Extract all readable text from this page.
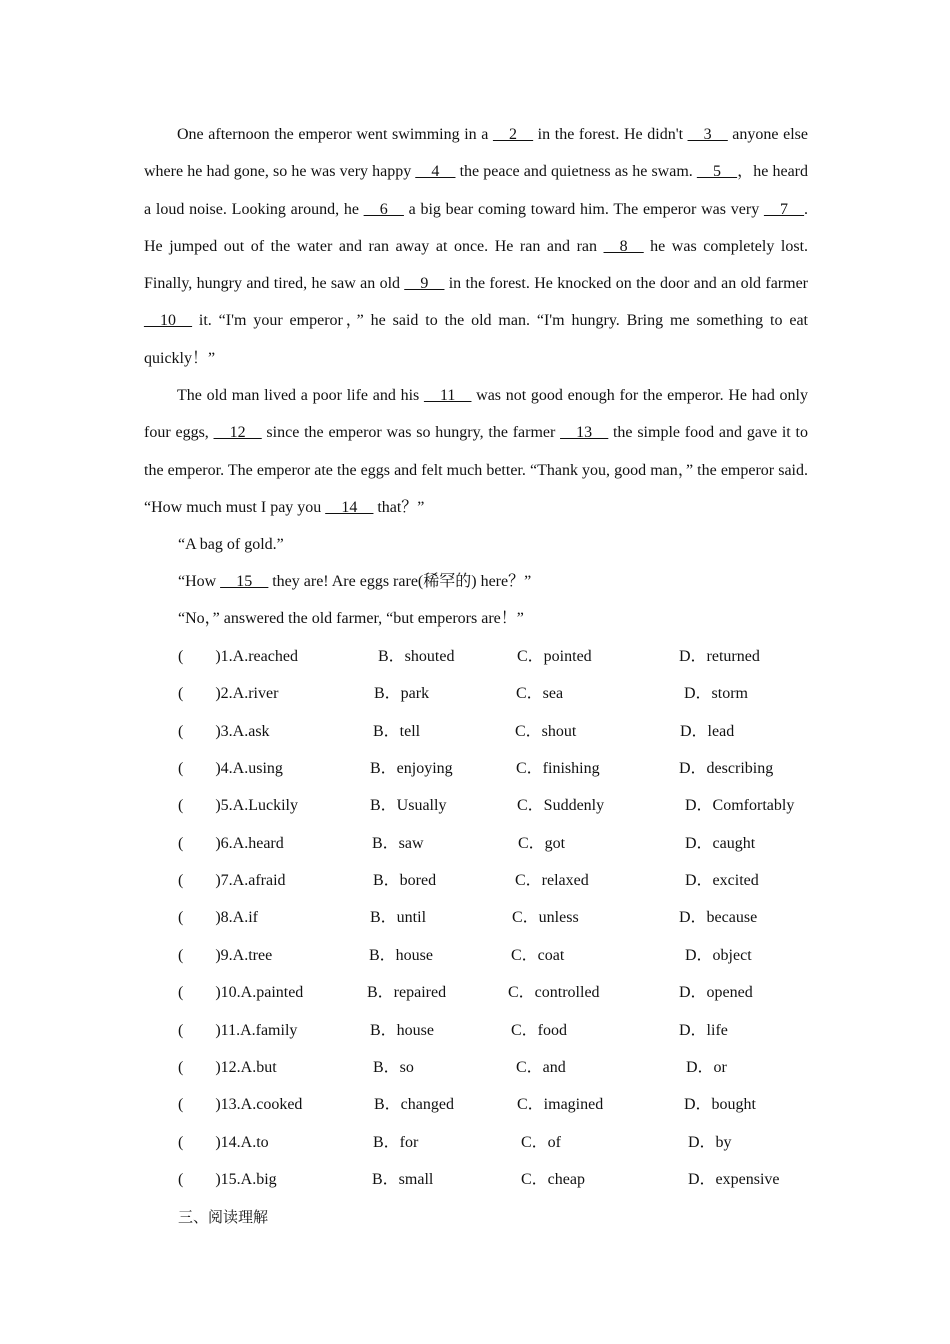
One afternoon the emperor went swimming in a __2__ in the forest. He didn't __3__ anyone else where he had gone, so he was very happy __4__ the peace and quietness as he swam. __5__，he heard a loud noise. Looking around, he __6__ a big bear coming toward him. The emperor was very __7__. He jumped out of the water and ran away at once. He ran and ran __8__ he was completely lost. Finally, hungry and tired, he saw an old __9__ in the forest. He knocked on the door and an old farmer __10__ it. “I'm your emperor，” he said to the old man. “I'm hungry. Bring me something to eat quickly！”

The old man lived a poor life and his __11__ was not good enough for the emperor. He had only four eggs, __12__ since the emperor was so hungry, the farmer __13__ the simple food and gave it to the emperor. The emperor ate the eggs and felt much better. “Thank you, good man，” the emperor said. “How much must I pay you __14__ that？”

“A bag of gold.”
“How __15__ they are! Are eggs rare(稀罕的) here？”
“No，” answered the old farmer, “but emperors are！”
(　　)1.A.reached	B．shouted	C．pointed	D．returned
(　　)2.A.river	B．park	C．sea	D．storm
(　　)3.A.ask	B．tell	C．shout	D．lead
(　　)4.A.using	B．enjoying	C．finishing	D．describing
(　　)5.A.Luckily	B．Usually	C．Suddenly	D．Comfortably
(　　)6.A.heard	B．saw	C．got	D．caught
(　　)7.A.afraid	B．bored	C．relaxed	D．excited
(　　)8.A.if	B．until	C．unless	D．because
(　　)9.A.tree	B．house	C．coat	D．object
(　　)10.A.painted	B．repaired	C．controlled	D．opened
(　　)11.A.family	B．house	C．food	D．life
(　　)12.A.but	B．so	C．and	D．or
(　　)13.A.cooked	B．changed	C．imagined	D．bought
(　　)14.A.to	B．for	C．of	D．by
(　　)15.A.big	B．small	C．cheap	D．expensive
三、阅读理解
